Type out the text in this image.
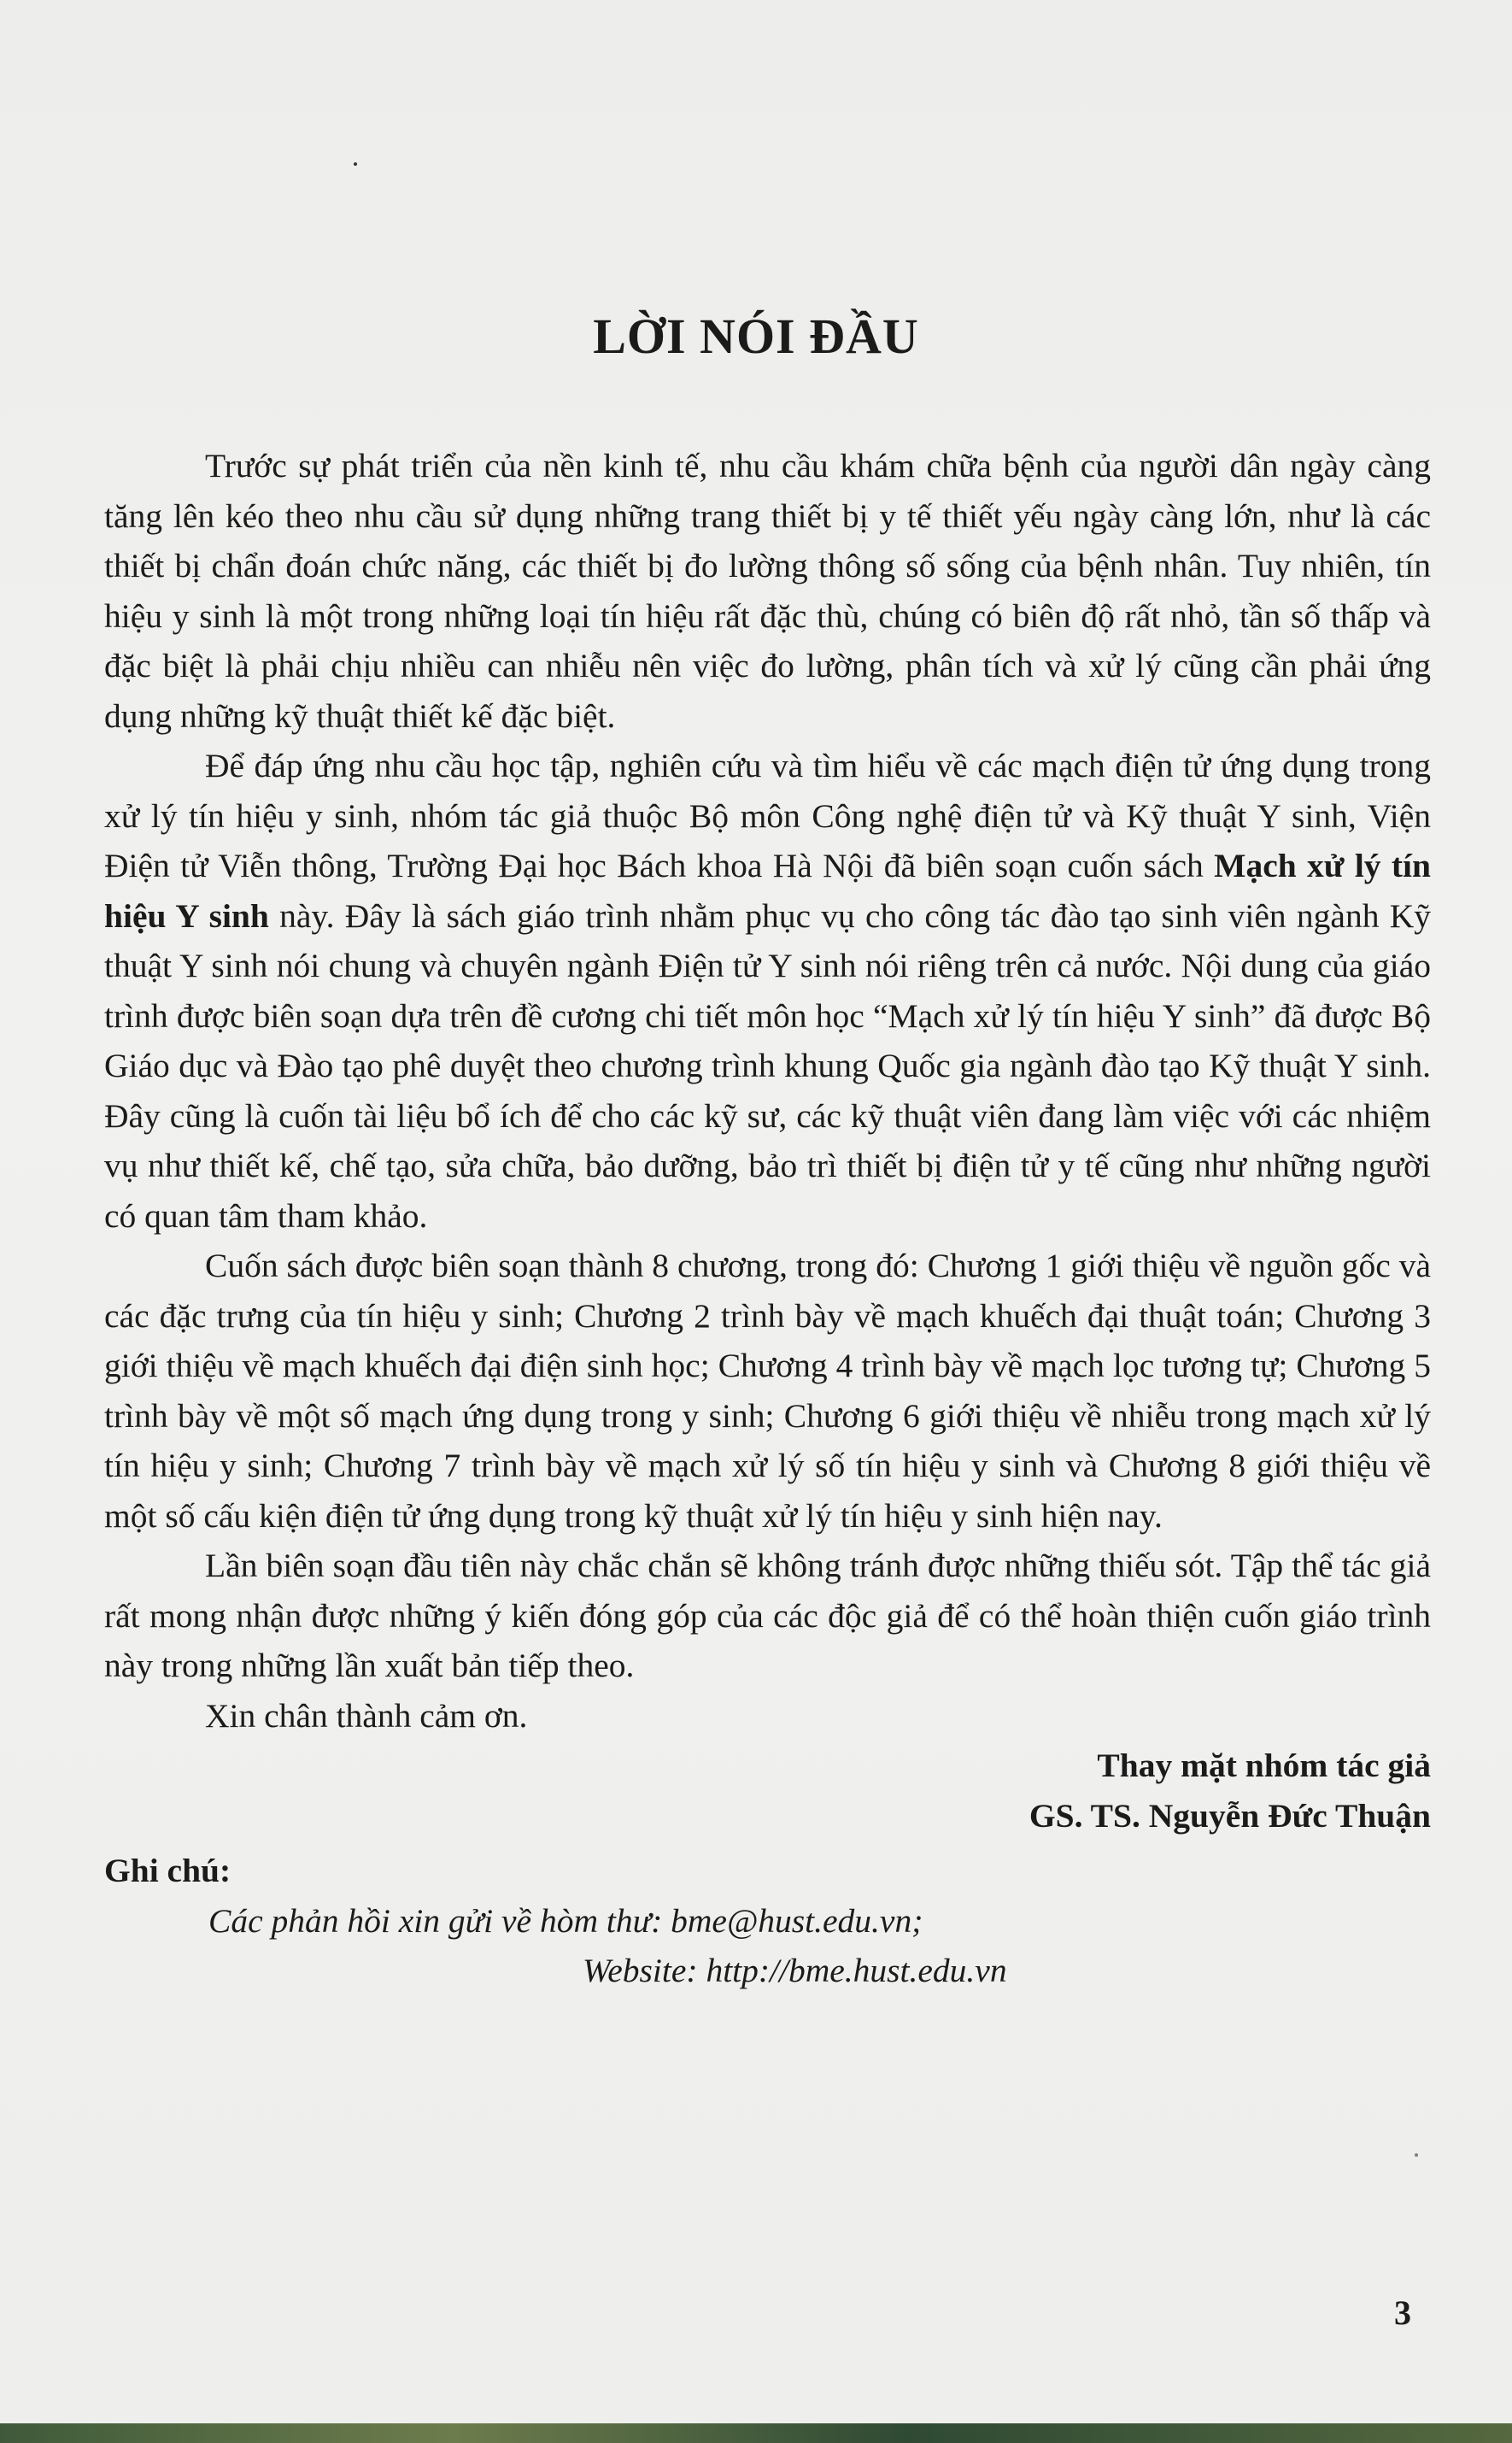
LỜI NÓI ĐẦU

Trước sự phát triển của nền kinh tế, nhu cầu khám chữa bệnh của người dân ngày càng tăng lên kéo theo nhu cầu sử dụng những trang thiết bị y tế thiết yếu ngày càng lớn, như là các thiết bị chẩn đoán chức năng, các thiết bị đo lường thông số sống của bệnh nhân. Tuy nhiên, tín hiệu y sinh là một trong những loại tín hiệu rất đặc thù, chúng có biên độ rất nhỏ, tần số thấp và đặc biệt là phải chịu nhiều can nhiễu nên việc đo lường, phân tích và xử lý cũng cần phải ứng dụng những kỹ thuật thiết kế đặc biệt.

Để đáp ứng nhu cầu học tập, nghiên cứu và tìm hiểu về các mạch điện tử ứng dụng trong xử lý tín hiệu y sinh, nhóm tác giả thuộc Bộ môn Công nghệ điện tử và Kỹ thuật Y sinh, Viện Điện tử Viễn thông, Trường Đại học Bách khoa Hà Nội đã biên soạn cuốn sách Mạch xử lý tín hiệu Y sinh này. Đây là sách giáo trình nhằm phục vụ cho công tác đào tạo sinh viên ngành Kỹ thuật Y sinh nói chung và chuyên ngành Điện tử Y sinh nói riêng trên cả nước. Nội dung của giáo trình được biên soạn dựa trên đề cương chi tiết môn học “Mạch xử lý tín hiệu Y sinh” đã được Bộ Giáo dục và Đào tạo phê duyệt theo chương trình khung Quốc gia ngành đào tạo Kỹ thuật Y sinh. Đây cũng là cuốn tài liệu bổ ích để cho các kỹ sư, các kỹ thuật viên đang làm việc với các nhiệm vụ như thiết kế, chế tạo, sửa chữa, bảo dưỡng, bảo trì thiết bị điện tử y tế cũng như những người có quan tâm tham khảo.

Cuốn sách được biên soạn thành 8 chương, trong đó: Chương 1 giới thiệu về nguồn gốc và các đặc trưng của tín hiệu y sinh; Chương 2 trình bày về mạch khuếch đại thuật toán; Chương 3 giới thiệu về mạch khuếch đại điện sinh học; Chương 4 trình bày về mạch lọc tương tự; Chương 5 trình bày về một số mạch ứng dụng trong y sinh; Chương 6 giới thiệu về nhiễu trong mạch xử lý tín hiệu y sinh; Chương 7 trình bày về mạch xử lý số tín hiệu y sinh và Chương 8 giới thiệu về một số cấu kiện điện tử ứng dụng trong kỹ thuật xử lý tín hiệu y sinh hiện nay.

Lần biên soạn đầu tiên này chắc chắn sẽ không tránh được những thiếu sót. Tập thể tác giả rất mong nhận được những ý kiến đóng góp của các độc giả để có thể hoàn thiện cuốn giáo trình này trong những lần xuất bản tiếp theo.

Xin chân thành cảm ơn.
Thay mặt nhóm tác giả
GS. TS. Nguyễn Đức Thuận
Ghi chú:
Các phản hồi xin gửi về hòm thư: bme@hust.edu.vn;
Website: http://bme.hust.edu.vn
3
